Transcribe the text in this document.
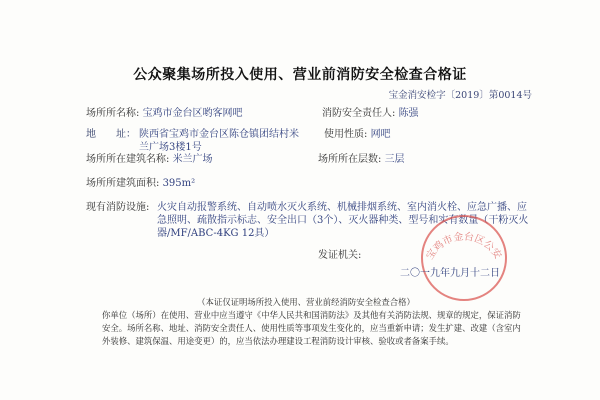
公众聚集场所投入使用、营业前消防安全检查合格证
宝金消安检字〔2019〕第0014号
场所所名称: 宝鸡市金台区哟客网吧	消防安全责任人: 陈强
地　　址： 陕西省宝鸡市金台区陈仓镇团结村米
兰广场3楼1号
使用性质: 网吧
场所所在建筑名称: 米兰广场	场所所在层数: 三层
场所所建筑面积: 395m²
现有消防设施: 火灾自动报警系统、自动喷水灭火系统、机械排烟系统、室内消火栓、应急广播、应急照明、疏散指示标志、安全出口（3个）、灭火器种类、型号和实有数量（干粉灭火器/MF/ABC-4KG 12具）
宝鸡市金台区公安
发证机关:
二〇一九年九月十二日
（本证仅证明场所投入使用、营业前经消防安全检查合格）
你单位（场所）在使用、营业中应当遵守《中华人民共和国消防法》及其他有关消防法规、规章的规定，保证消防安全。场所名称、地址、消防安全责任人、使用性质等事项发生变化的，应当重新申请；发生扩建、改建（含室内外装修、建筑保温、用途变更）的，应当依法办理建设工程消防设计审核、验收或者备案手续。
